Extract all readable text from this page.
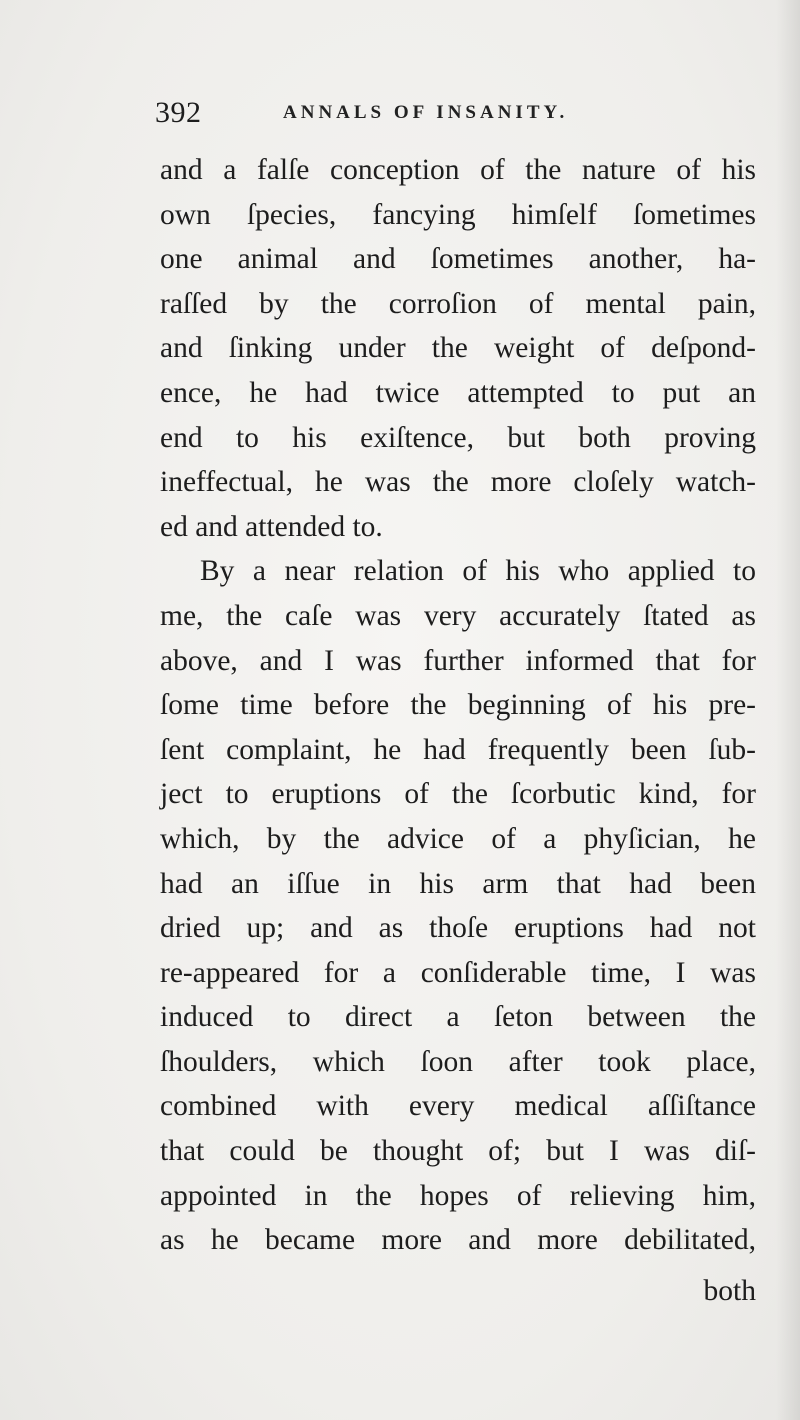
392	ANNALS OF INSANITY.
and a falſe conception of the nature of his
own ſpecies, fancying himſelf ſometimes
one animal and ſometimes another, ha-
raſſed by the corroſion of mental pain,
and ſinking under the weight of deſpond-
ence, he had twice attempted to put an
end to his exiſtence, but both proving
ineffectual, he was the more cloſely watch-
ed and attended to.
By a near relation of his who applied to
me, the caſe was very accurately ſtated as
above, and I was further informed that for
ſome time before the beginning of his pre-
ſent complaint, he had frequently been ſub-
ject to eruptions of the ſcorbutic kind, for
which, by the advice of a phyſician, he
had an iſſue in his arm that had been
dried up; and as thoſe eruptions had not
re-appeared for a conſiderable time, I was
induced to direct a ſeton between the
ſhoulders, which ſoon after took place,
combined with every medical aſſiſtance
that could be thought of; but I was diſ-
appointed in the hopes of relieving him,
as he became more and more debilitated,
both
